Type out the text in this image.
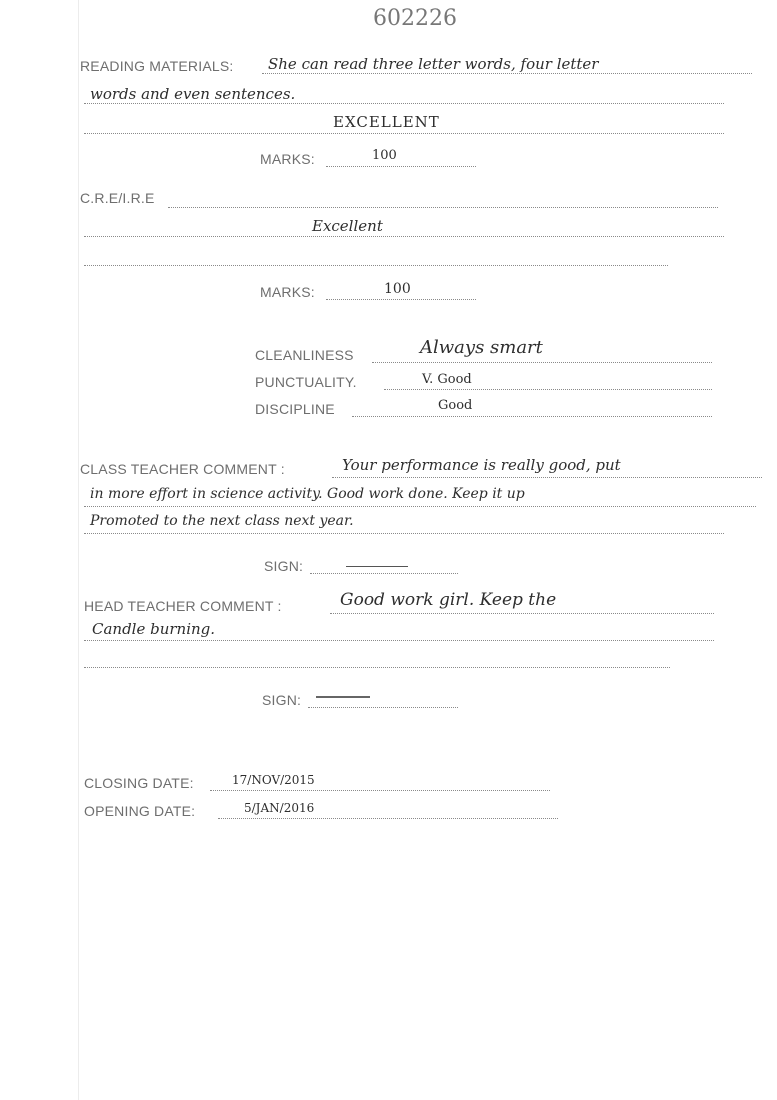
602226
READING MATERIALS: She can read three letter words, four letter
words and even sentences.
EXCELLENT
MARKS:	100
C.R.E/I.R.E
Excellent
MARKS:	100
CLEANLINESS	Always smart
PUNCTUALITY.	V. Good
DISCIPLINE	Good
CLASS TEACHER COMMENT :	Your performance is really good, put
in more effort in science activity. Good work done. Keep it up
Promoted to the next class next year.
SIGN:
HEAD TEACHER COMMENT :	Good work girl. Keep the
Candle burning.
SIGN:
CLOSING DATE:	17/NOV/2015
OPENING DATE:	5/JAN/2016
